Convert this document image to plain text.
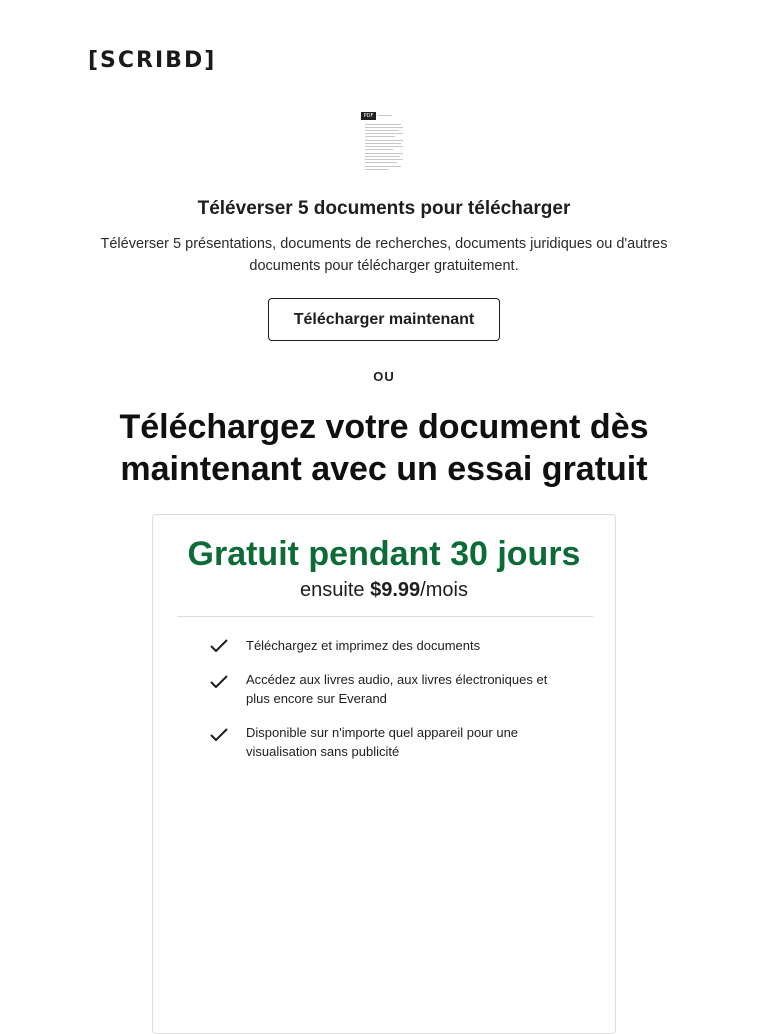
[SCRIBD]
PDF
Téléverser 5 documents pour télécharger
Téléverser 5 présentations, documents de recherches, documents juridiques ou d'autres documents pour télécharger gratuitement.
Télécharger maintenant
OU
Téléchargez votre document dès maintenant avec un essai gratuit
Gratuit pendant 30 jours
ensuite $9.99/mois
Téléchargez et imprimez des documents
Accédez aux livres audio, aux livres électroniques et plus encore sur Everand
Disponible sur n'importe quel appareil pour une visualisation sans publicité
